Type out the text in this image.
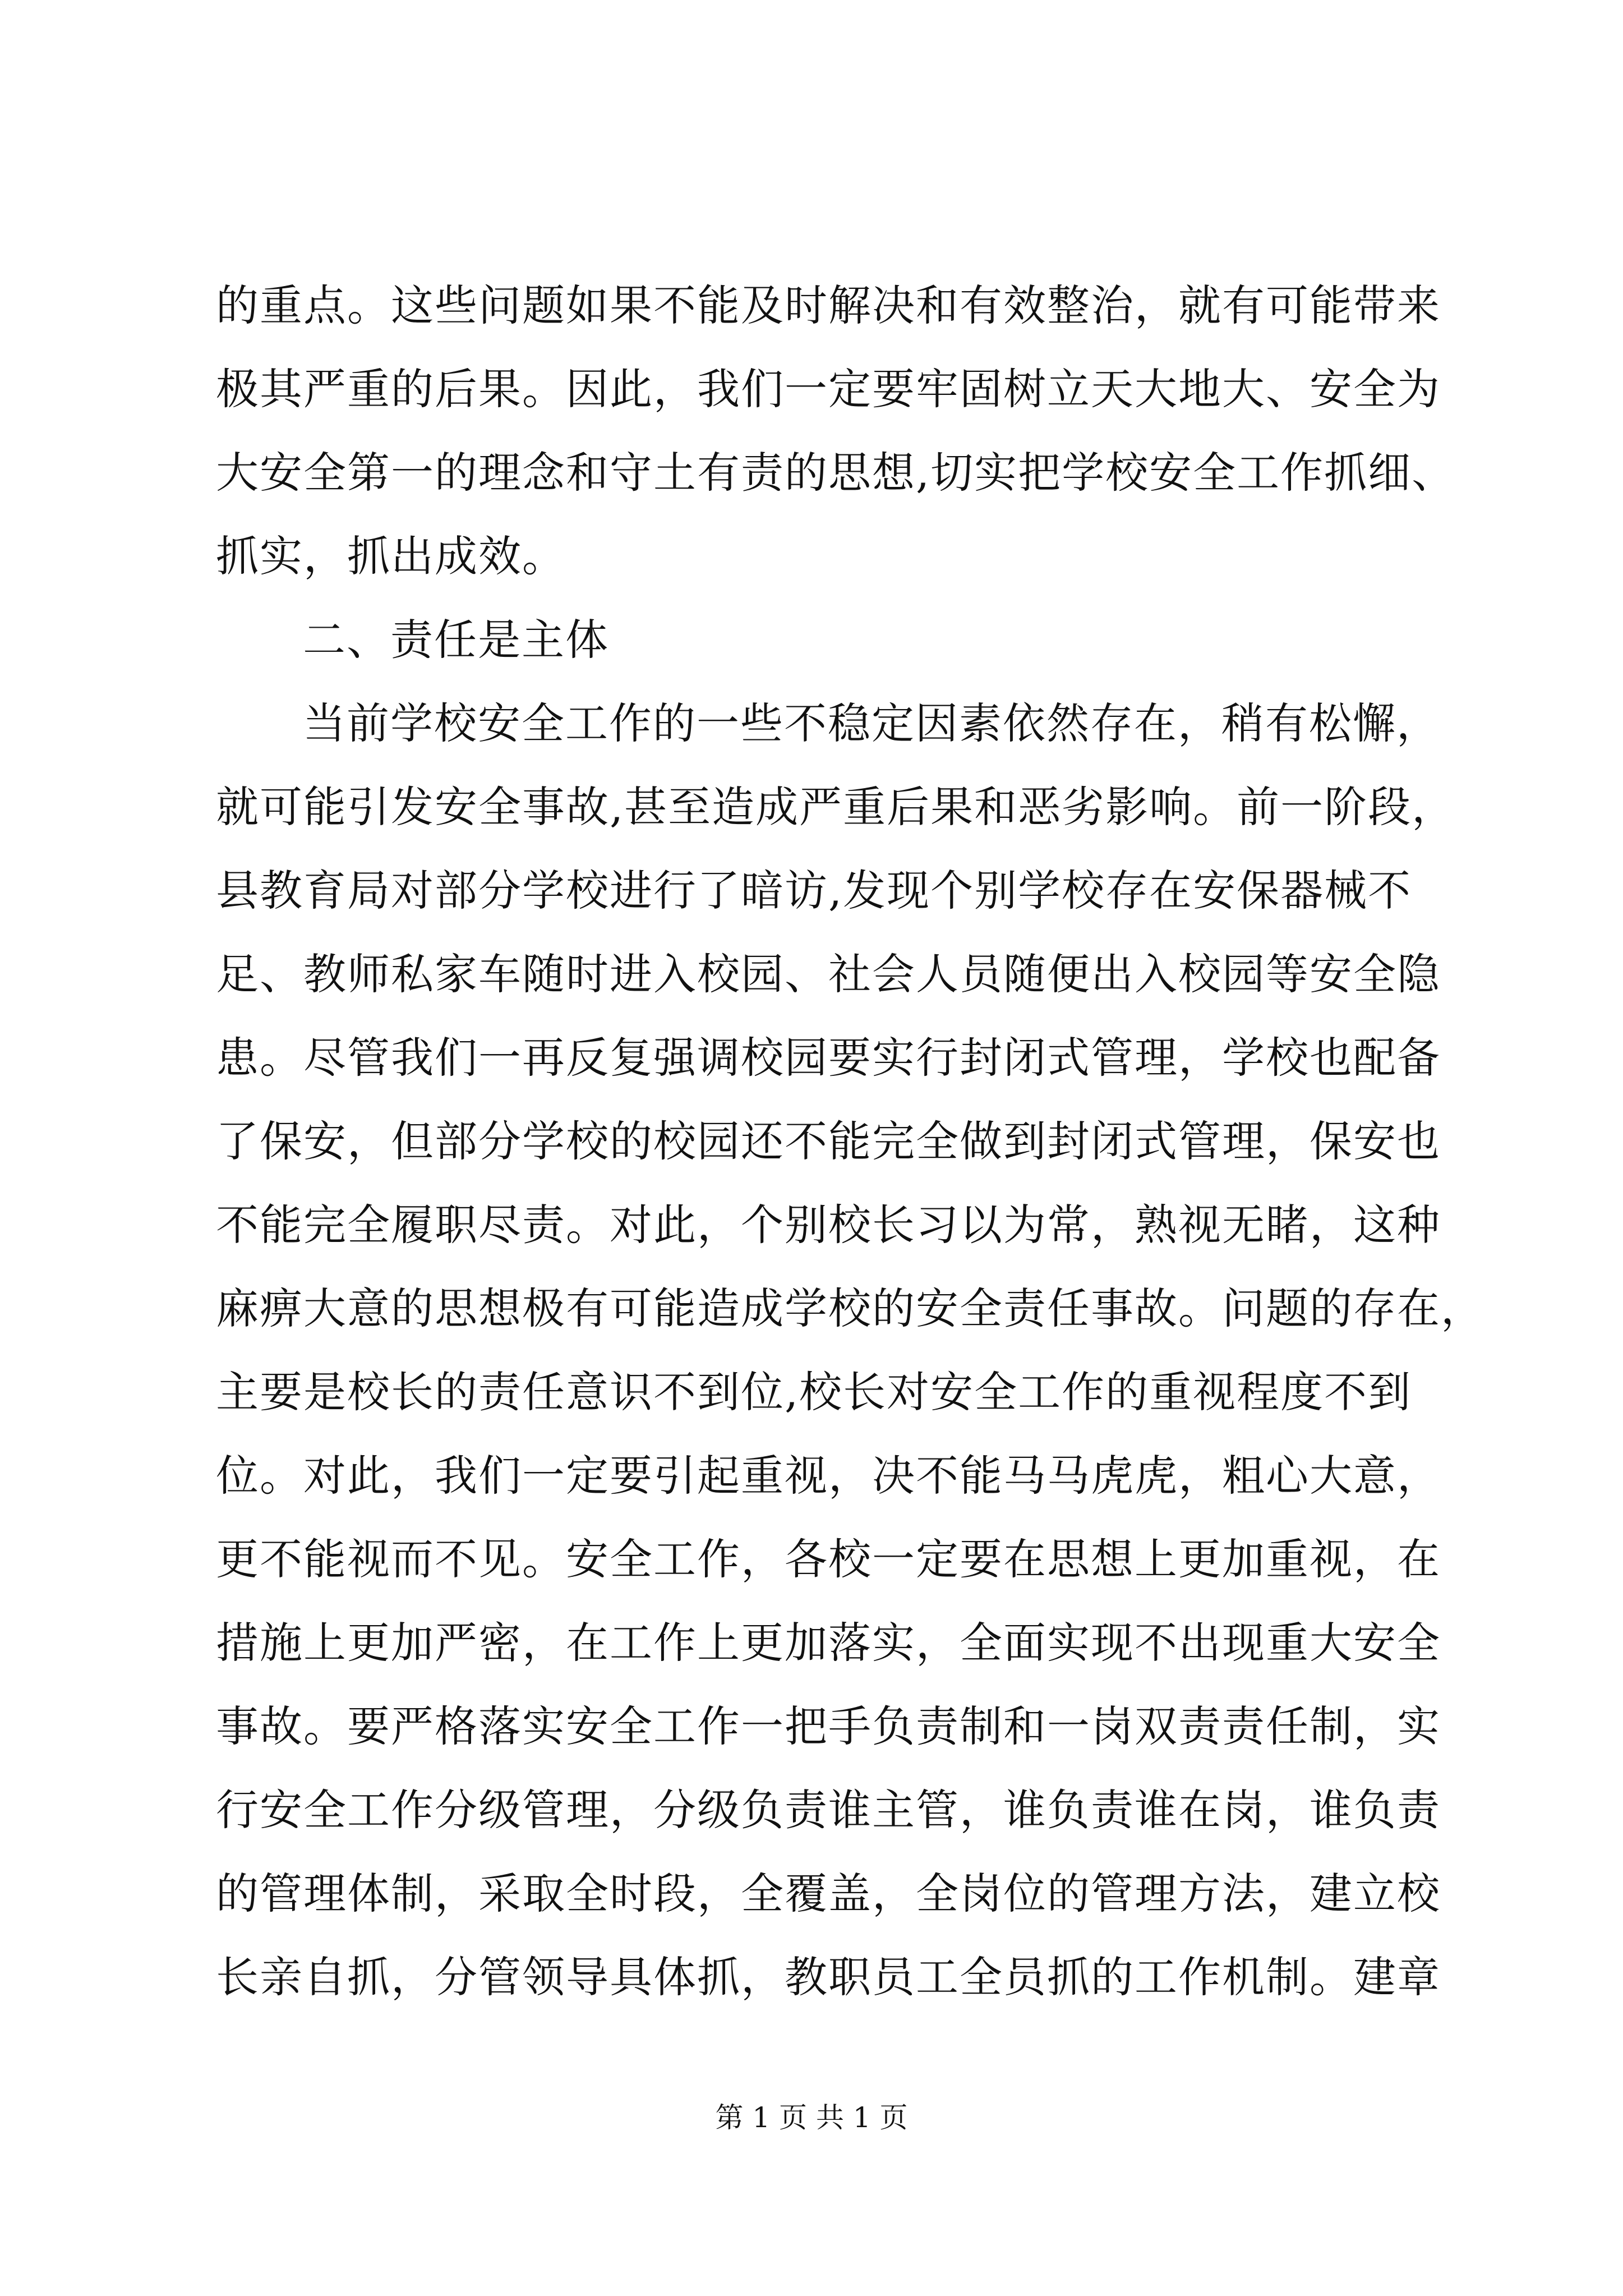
的重点。这些问题如果不能及时解决和有效整治，就有可能带来
极其严重的后果。因此，我们一定要牢固树立天大地大、安全为
大安全第一的理念和守土有责的思想,切实把学校安全工作抓细、
抓实，抓出成效。
二、责任是主体
当前学校安全工作的一些不稳定因素依然存在，稍有松懈，
就可能引发安全事故,甚至造成严重后果和恶劣影响。前一阶段，
县教育局对部分学校进行了暗访,发现个别学校存在安保器械不
足、教师私家车随时进入校园、社会人员随便出入校园等安全隐
患。尽管我们一再反复强调校园要实行封闭式管理，学校也配备
了保安，但部分学校的校园还不能完全做到封闭式管理，保安也
不能完全履职尽责。对此，个别校长习以为常，熟视无睹，这种
麻痹大意的思想极有可能造成学校的安全责任事故。问题的存在，
主要是校长的责任意识不到位,校长对安全工作的重视程度不到
位。对此，我们一定要引起重视，决不能马马虎虎，粗心大意，
更不能视而不见。安全工作，各校一定要在思想上更加重视，在
措施上更加严密，在工作上更加落实，全面实现不出现重大安全
事故。要严格落实安全工作一把手负责制和一岗双责责任制，实
行安全工作分级管理，分级负责谁主管，谁负责谁在岗，谁负责
的管理体制，采取全时段，全覆盖，全岗位的管理方法，建立校
长亲自抓，分管领导具体抓，教职员工全员抓的工作机制。建章
第 1 页 共 1 页
